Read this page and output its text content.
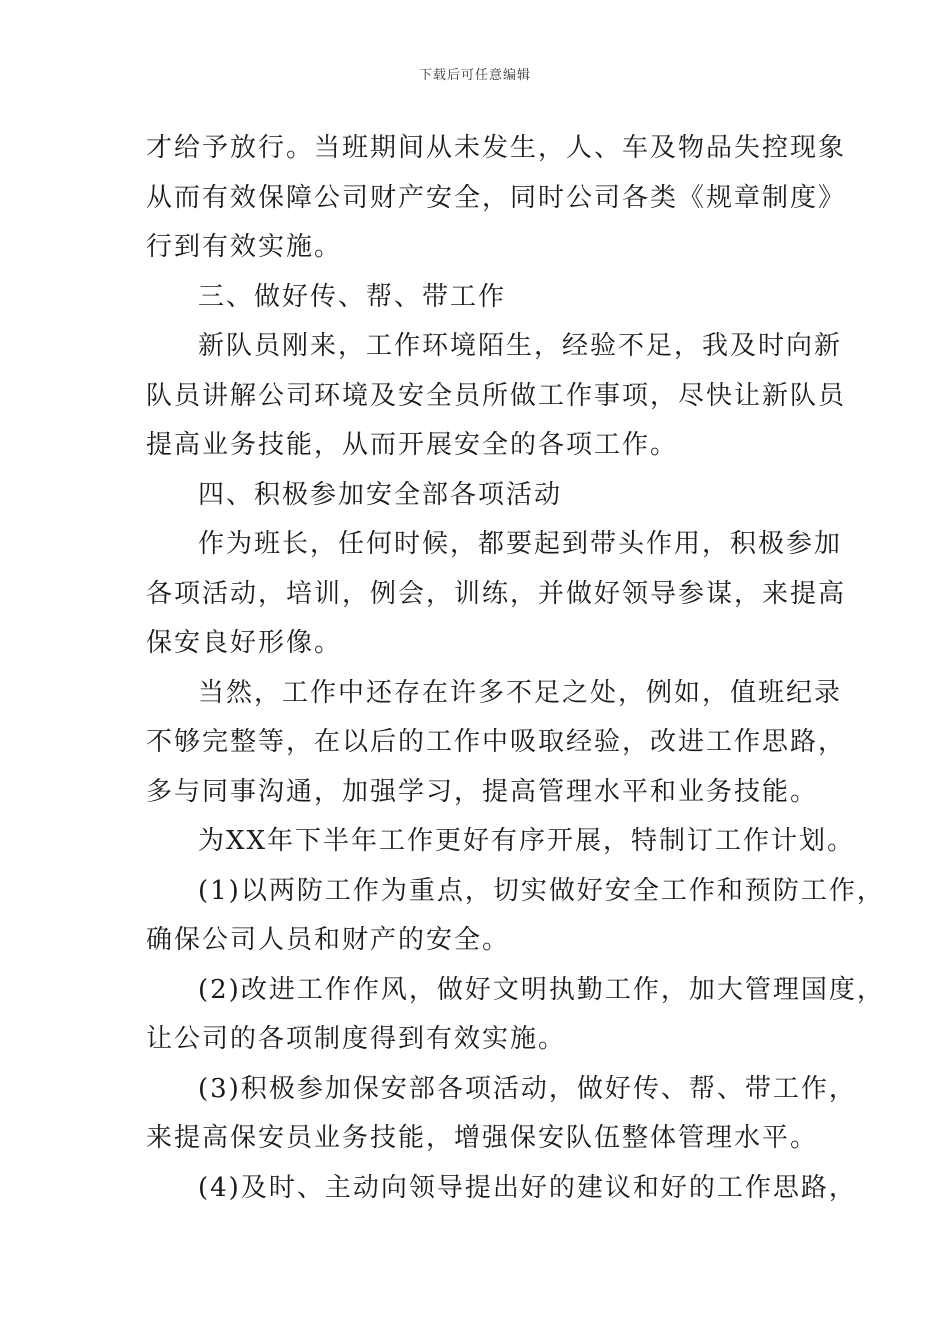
下载后可任意编辑
才给予放行。当班期间从未发生，人、车及物品失控现象
从而有效保障公司财产安全，同时公司各类《规章制度》
行到有效实施。
三、做好传、帮、带工作
新队员刚来，工作环境陌生，经验不足，我及时向新
队员讲解公司环境及安全员所做工作事项，尽快让新队员
提高业务技能，从而开展安全的各项工作。
四、积极参加安全部各项活动
作为班长，任何时候，都要起到带头作用，积极参加
各项活动，培训，例会，训练，并做好领导参谋，来提高
保安良好形像。
当然，工作中还存在许多不足之处，例如，值班纪录
不够完整等，在以后的工作中吸取经验，改进工作思路，
多与同事沟通，加强学习，提高管理水平和业务技能。
为XX年下半年工作更好有序开展，特制订工作计划。
(1)以两防工作为重点，切实做好安全工作和预防工作，
确保公司人员和财产的安全。
(2)改进工作作风，做好文明执勤工作，加大管理国度，
让公司的各项制度得到有效实施。
(3)积极参加保安部各项活动，做好传、帮、带工作，
来提高保安员业务技能，增强保安队伍整体管理水平。
(4)及时、主动向领导提出好的建议和好的工作思路，
